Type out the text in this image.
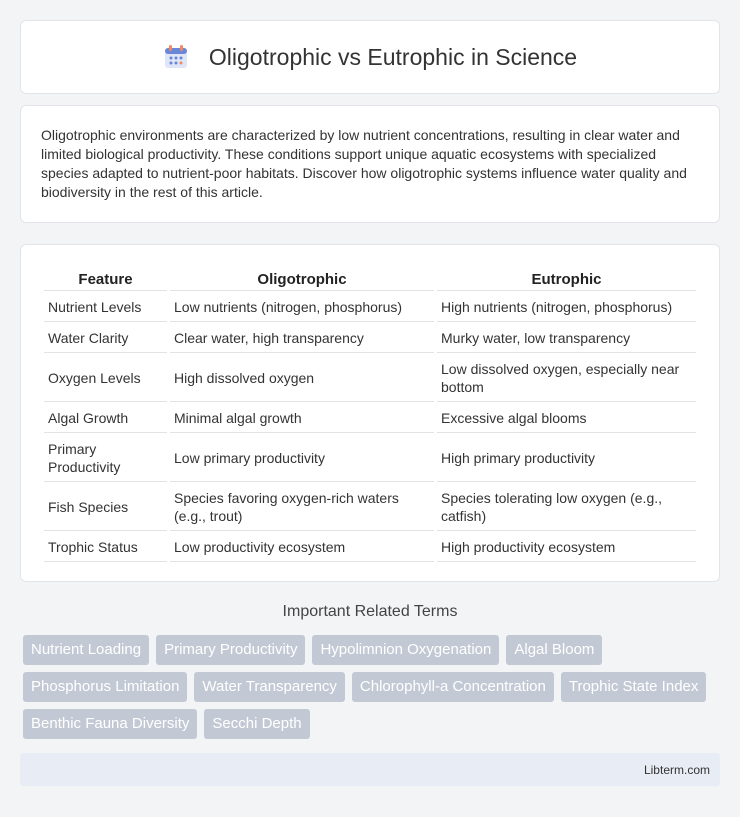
Oligotrophic vs Eutrophic in Science

Oligotrophic environments are characterized by low nutrient concentrations, resulting in clear water and limited biological productivity. These conditions support unique aquatic ecosystems with specialized species adapted to nutrient-poor habitats. Discover how oligotrophic systems influence water quality and biodiversity in the rest of this article.

Feature	Oligotrophic	Eutrophic
Nutrient Levels	Low nutrients (nitrogen, phosphorus)	High nutrients (nitrogen, phosphorus)
Water Clarity	Clear water, high transparency	Murky water, low transparency
Oxygen Levels	High dissolved oxygen	Low dissolved oxygen, especially near bottom
Algal Growth	Minimal algal growth	Excessive algal blooms
Primary Productivity	Low primary productivity	High primary productivity
Fish Species	Species favoring oxygen-rich waters (e.g., trout)	Species tolerating low oxygen (e.g., catfish)
Trophic Status	Low productivity ecosystem	High productivity ecosystem
Important Related Terms
Nutrient Loading	Primary Productivity	Hypolimnion Oxygenation	Algal Bloom
Phosphorus Limitation	Water Transparency	Chlorophyll-a Concentration	Trophic State Index
Benthic Fauna Diversity	Secchi Depth
Libterm.com
